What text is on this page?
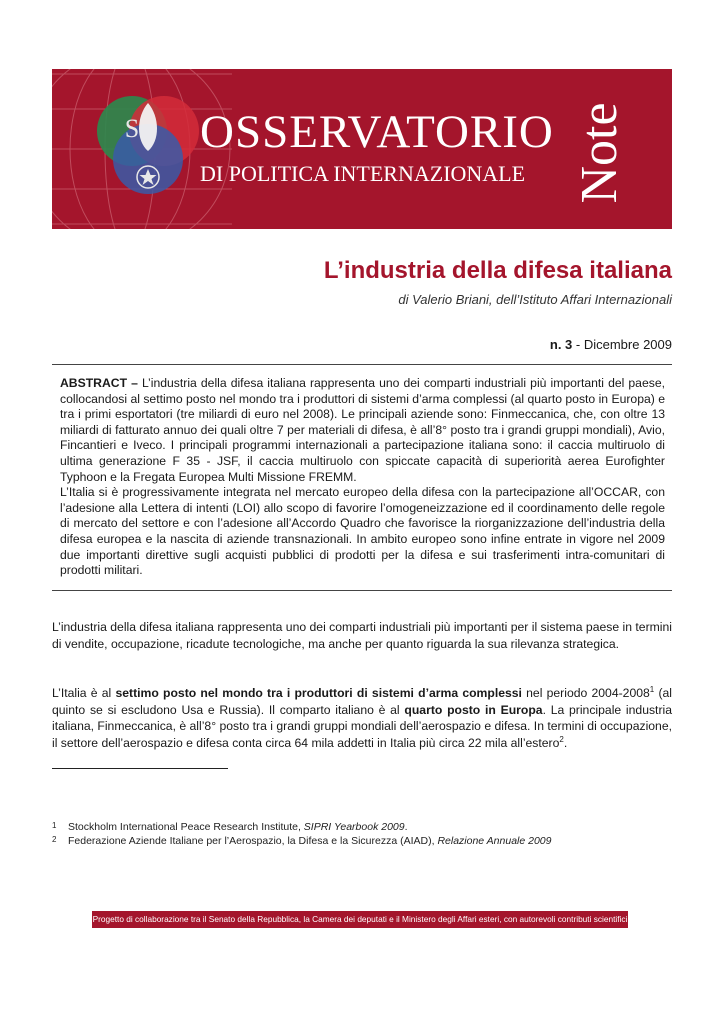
S OSSERVATORIO
DI POLITICA INTERNAZIONALE Note
L’industria della difesa italiana
di Valerio Briani, dell’Istituto Affari Internazionali
n. 3 - Dicembre 2009

ABSTRACT – L’industria della difesa italiana rappresenta uno dei comparti industriali più importanti del paese, collocandosi al settimo posto nel mondo tra i produttori di sistemi d’arma complessi (al quarto posto in Europa) e tra i primi esportatori (tre miliardi di euro nel 2008). Le principali aziende sono: Finmeccanica, che, con oltre 13 miliardi di fatturato annuo dei quali oltre 7 per materiali di difesa, è all’8° posto tra i grandi gruppi mondiali), Avio, Fincantieri e Iveco. I principali programmi internazionali a partecipazione italiana sono: il caccia multiruolo di ultima generazione F 35 - JSF, il caccia multiruolo con spiccate capacità di superiorità aerea Eurofighter Typhoon e la Fregata Europea Multi Missione FREMM.

L’Italia si è progressivamente integrata nel mercato europeo della difesa con la partecipazione all’OCCAR, con l’adesione alla Lettera di intenti (LOI) allo scopo di favorire l’omogeneizzazione ed il coordinamento delle regole di mercato del settore e con l’adesione all’Accordo Quadro che favorisce la riorganizzazione dell’industria della difesa europea e la nascita di aziende transnazionali. In ambito europeo sono infine entrate in vigore nel 2009 due importanti direttive sugli acquisti pubblici di prodotti per la difesa e sui trasferimenti intra-comunitari di prodotti militari.

L’industria della difesa italiana rappresenta uno dei comparti industriali più importanti per il sistema paese in termini di vendite, occupazione, ricadute tecnologiche, ma anche per quanto riguarda la sua rilevanza strategica.

L’Italia è al settimo posto nel mondo tra i produttori di sistemi d’arma complessi nel periodo 2004-2008$^1$ (al quinto se si escludono Usa e Russia). Il comparto italiano è al quarto posto in Europa. La principale industria italiana, Finmeccanica, è all’8° posto tra i grandi gruppi mondiali dell’aerospazio e difesa. In termini di occupazione, il settore dell’aerospazio e difesa conta circa 64 mila addetti in Italia più circa 22 mila all’estero$^2$.

1 Stockholm International Peace Research Institute, SIPRI Yearbook 2009.
2 Federazione Aziende Italiane per l’Aerospazio, la Difesa e la Sicurezza (AIAD), Relazione Annuale 2009
Progetto di collaborazione tra il Senato della Repubblica, la Camera dei deputati e il Ministero degli Affari esteri, con autorevoli contributi scientifici
